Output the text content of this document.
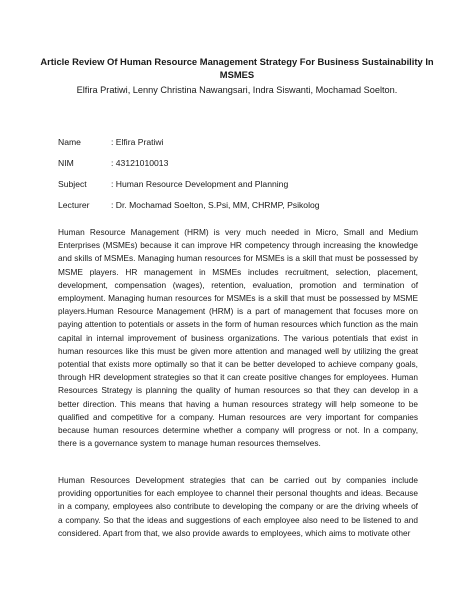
Article Review Of Human Resource Management Strategy For Business Sustainability In MSMES
Elfira Pratiwi, Lenny Christina Nawangsari, Indra Siswanti, Mochamad Soelton.
Name	: Elfira Pratiwi
NIM	: 43121010013
Subject	: Human Resource Development and Planning
Lecturer	: Dr. Mochamad Soelton, S.Psi, MM, CHRMP, Psikolog

Human Resource Management (HRM) is very much needed in Micro, Small and Medium Enterprises (MSMEs) because it can improve HR competency through increasing the knowledge and skills of MSMEs. Managing human resources for MSMEs is a skill that must be possessed by MSME players. HR management in MSMEs includes recruitment, selection, placement, development, compensation (wages), retention, evaluation, promotion and termination of employment. Managing human resources for MSMEs is a skill that must be possessed by MSME players.Human Resource Management (HRM) is a part of management that focuses more on paying attention to potentials or assets in the form of human resources which function as the main capital in internal improvement of business organizations. The various potentials that exist in human resources like this must be given more attention and managed well by utilizing the great potential that exists more optimally so that it can be better developed to achieve company goals, through HR development strategies so that it can create positive changes for employees. Human Resources Strategy is planning the quality of human resources so that they can develop in a better direction. This means that having a human resources strategy will help someone to be qualified and competitive for a company. Human resources are very important for companies because human resources determine whether a company will progress or not. In a company, there is a governance system to manage human resources themselves.

Human Resources Development strategies that can be carried out by companies include providing opportunities for each employee to channel their personal thoughts and ideas. Because in a company, employees also contribute to developing the company or are the driving wheels of a company. So that the ideas and suggestions of each employee also need to be listened to and considered. Apart from that, we also provide awards to employees, which aims to motivate other
